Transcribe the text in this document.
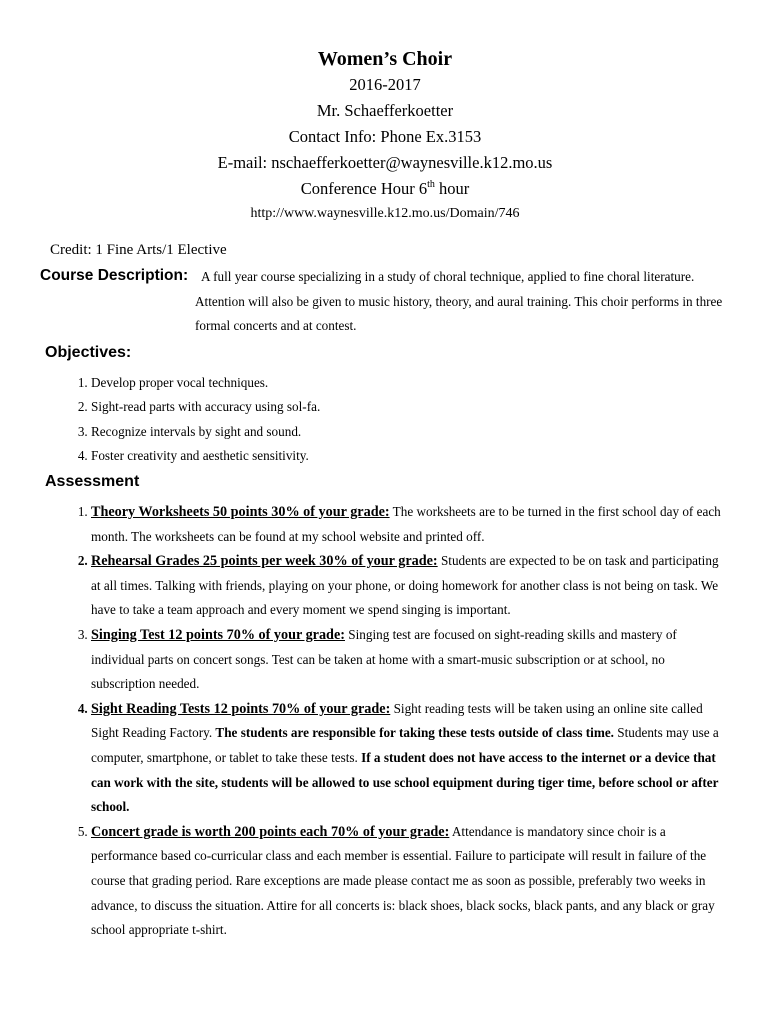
Women’s Choir
2016-2017
Mr. Schaefferkoetter
Contact Info: Phone Ex.3153
E-mail: nschaefferkoetter@waynesville.k12.mo.us
Conference Hour 6th hour
http://www.waynesville.k12.mo.us/Domain/746
Credit: 1 Fine Arts/1 Elective
Course Description: A full year course specializing in a study of choral technique, applied to fine choral literature.
Attention will also be given to music history, theory, and aural training. This choir performs in three formal concerts and at contest.
Objectives:
1. Develop proper vocal techniques.
2. Sight-read parts with accuracy using sol-fa.
3. Recognize intervals by sight and sound.
4. Foster creativity and aesthetic sensitivity.
Assessment
1. Theory Worksheets 50 points 30% of your grade: The worksheets are to be turned in the first school day of each month. The worksheets can be found at my school website and printed off.
2. Rehearsal Grades 25 points per week 30% of your grade: Students are expected to be on task and participating at all times. Talking with friends, playing on your phone, or doing homework for another class is not being on task. We have to take a team approach and every moment we spend singing is important.
3. Singing Test 12 points 70% of your grade: Singing test are focused on sight-reading skills and mastery of individual parts on concert songs. Test can be taken at home with a smart-music subscription or at school, no subscription needed.
4. Sight Reading Tests 12 points 70% of your grade: Sight reading tests will be taken using an online site called Sight Reading Factory. The students are responsible for taking these tests outside of class time. Students may use a computer, smartphone, or tablet to take these tests. If a student does not have access to the internet or a device that can work with the site, students will be allowed to use school equipment during tiger time, before school or after school.
5. Concert grade is worth 200 points each 70% of your grade: Attendance is mandatory since choir is a performance based co-curricular class and each member is essential. Failure to participate will result in failure of the course that grading period. Rare exceptions are made please contact me as soon as possible, preferably two weeks in advance, to discuss the situation. Attire for all concerts is: black shoes, black socks, black pants, and any black or gray school appropriate t-shirt.
